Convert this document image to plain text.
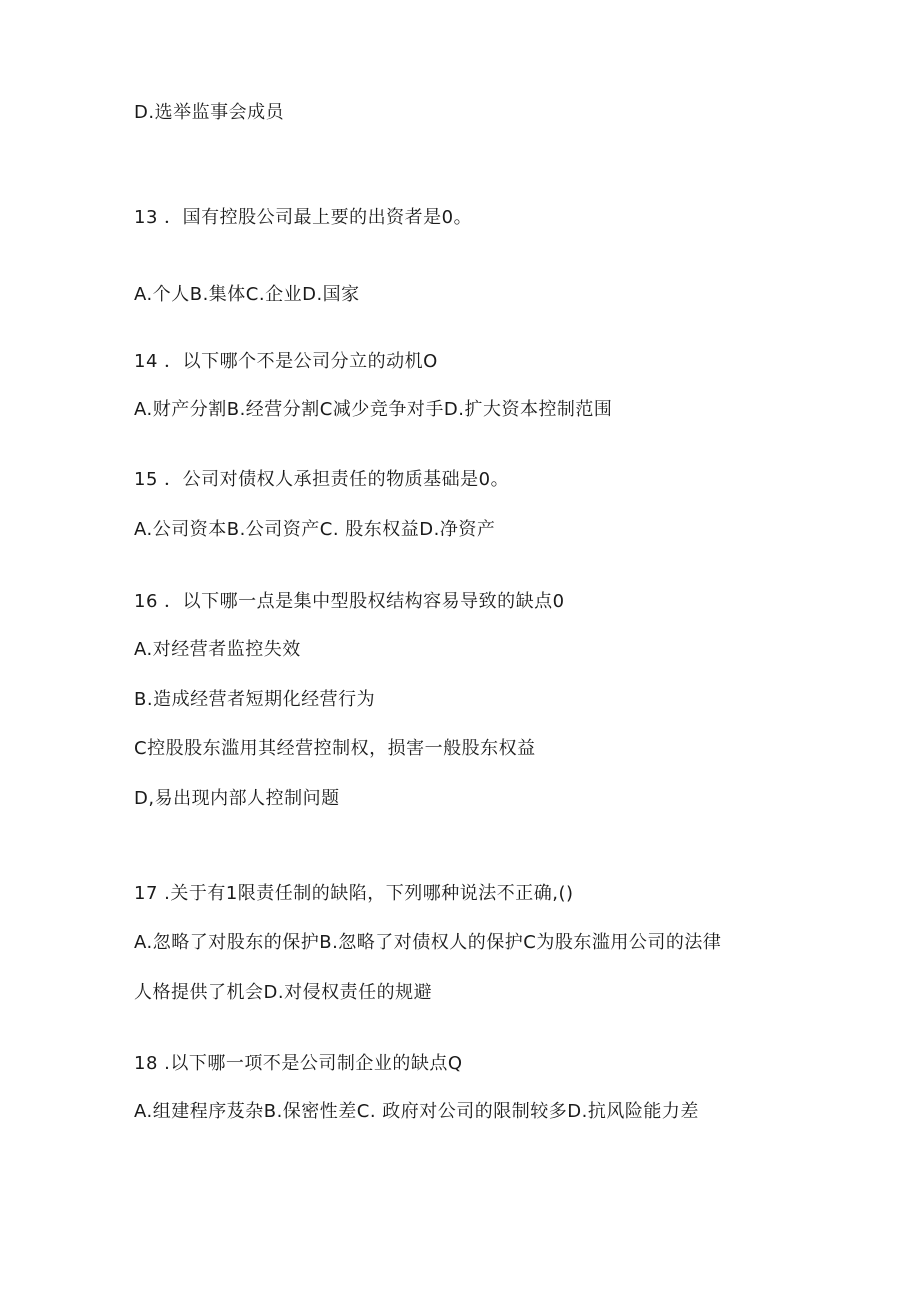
D.选举监事会成员
13 ．国有控股公司最上要的出资者是0。
A.个人B.集体C.企业D.国家
14 ．以下哪个不是公司分立的动机O
A.财产分割B.经营分割C减少竞争对手D.扩大资本控制范围
15 ．公司对债权人承担责任的物质基础是0。
A.公司资本B.公司资产C. 股东权益D.净资产
16 ．以下哪一点是集中型股权结构容易导致的缺点0
A.对经营者监控失效
B.造成经营者短期化经营行为
C控股股东滥用其经营控制权，损害一般股东权益
D,易出现内部人控制问题
17 .关于有1限责任制的缺陷，下列哪种说法不正确,()
A.忽略了对股东的保护B.忽略了对债权人的保护C为股东滥用公司的法律
人格提供了机会D.对侵权责任的规避
18 .以下哪一项不是公司制企业的缺点Q
A.组建程序芨杂B.保密性差C. 政府对公司的限制较多D.抗风险能力差
